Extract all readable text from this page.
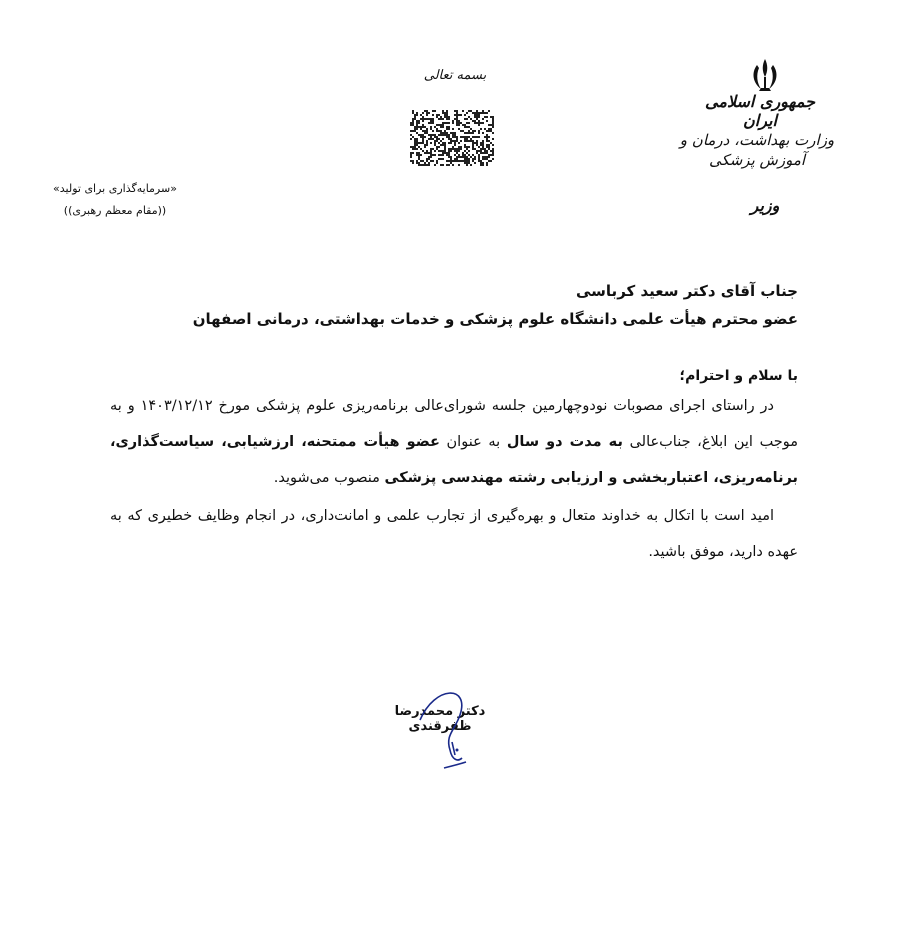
جمهوری اسلامی ایران
وزارت بهداشت، درمان و آموزش پزشکی
وزیر
بسمه تعالی
«سرمایه‌گذاری برای تولید»
((مقام معظم رهبری))
جناب آقای دکتر سعید کرباسی
عضو محترم هیأت علمی دانشگاه علوم پزشکی و خدمات بهداشتی، درمانی اصفهان
با سلام و احترام؛
در راستای اجرای مصوبات نودوچهارمین جلسه شورای‌عالی برنامه‌ریزی علوم پزشکی مورخ ۱۴۰۳/۱۲/۱۲ و به موجب این ابلاغ، جناب‌عالی به مدت دو سال به عنوان عضو هیأت ممتحنه، ارزشیابی، سیاست‌گذاری، برنامه‌ریزی، اعتباربخشی و ارزیابی رشته مهندسی پزشکی منصوب می‌شوید.
امید است با اتکال به خداوند متعال و بهره‌گیری از تجارب علمی و امانت‌داری، در انجام وظایف خطیری که به عهده دارید، موفق باشید.
دکتر محمدرضا ظفرقندی
